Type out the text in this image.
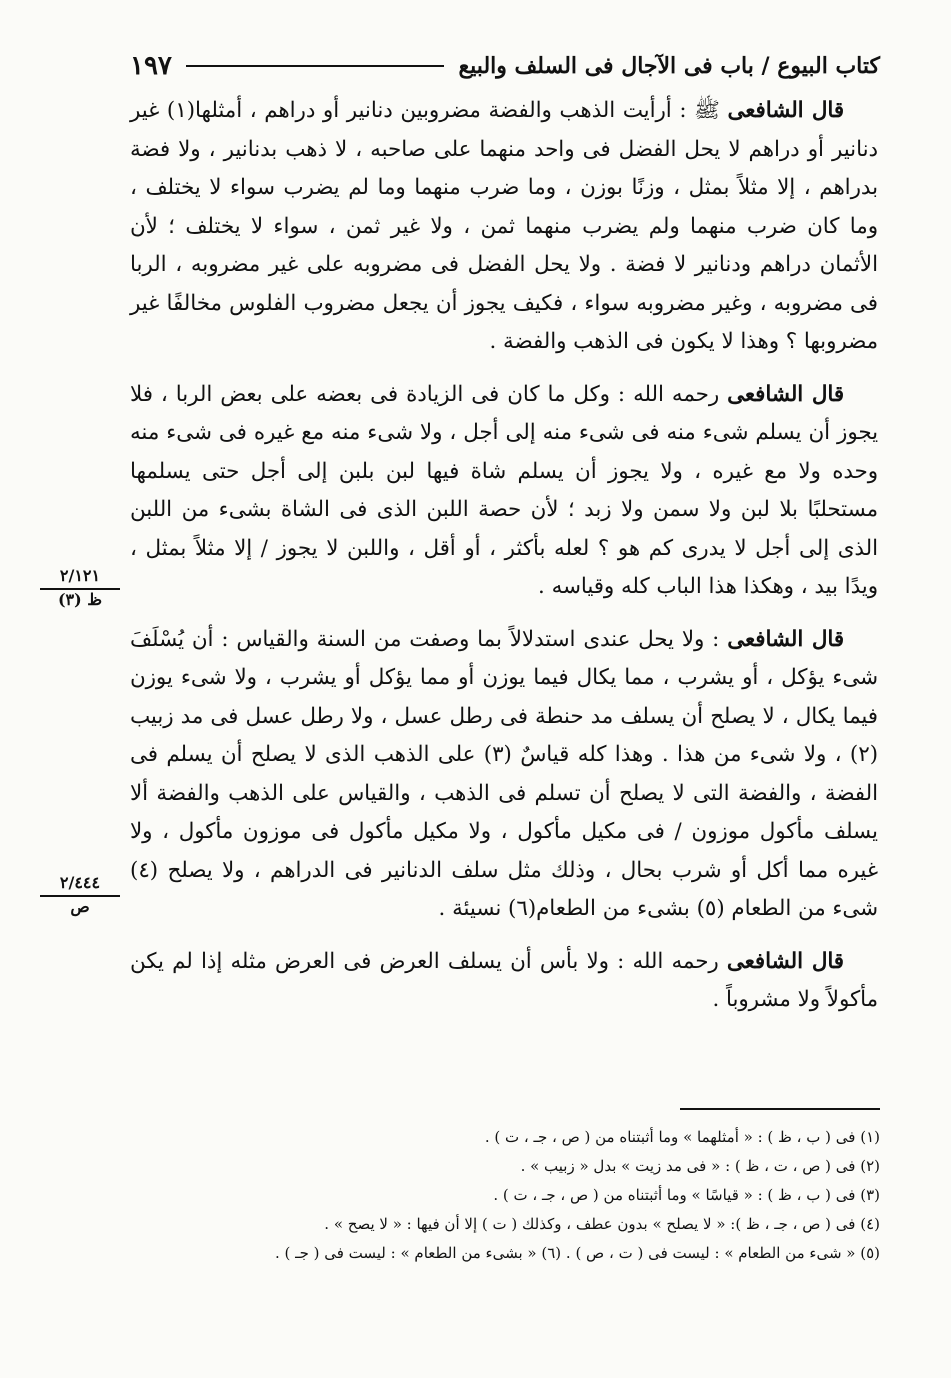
كتاب البيوع / باب فى الآجال فى السلف والبيع
١٩٧

قال الشافعى ﷺ : أرأيت الذهب والفضة مضروبين دنانير أو دراهم ، أمثلها(١) غير دنانير أو دراهم لا يحل الفضل فى واحد منهما على صاحبه ، لا ذهب بدنانير ، ولا فضة بدراهم ، إلا مثلاً بمثل ، وزنًا بوزن ، وما ضرب منهما وما لم يضرب سواء لا يختلف ، وما كان ضرب منهما ولم يضرب منهما ثمن ، ولا غير ثمن ، سواء لا يختلف ؛ لأن الأثمان دراهم ودنانير لا فضة . ولا يحل الفضل فى مضروبه على غير مضروبه ، الربا فى مضروبه ، وغير مضروبه سواء ، فكيف يجوز أن يجعل مضروب الفلوس مخالفًا غير مضروبها ؟ وهذا لا يكون فى الذهب والفضة .

قال الشافعى رحمه الله : وكل ما كان فى الزيادة فى بعضه على بعض الربا ، فلا يجوز أن يسلم شىء منه فى شىء منه إلى أجل ، ولا شىء منه مع غيره فى شىء منه وحده ولا مع غيره ، ولا يجوز أن يسلم شاة فيها لبن بلبن إلى أجل حتى يسلمها مستحلبًا بلا لبن ولا سمن ولا زبد ؛ لأن حصة اللبن الذى فى الشاة بشىء من اللبن الذى إلى أجل لا يدرى كم هو ؟ لعله بأكثر ، أو أقل ، واللبن لا يجوز / إلا مثلاً بمثل ، ويدًا بيد ، وهكذا هذا الباب كله وقياسه .

قال الشافعى : ولا يحل عندى استدلالاً بما وصفت من السنة والقياس : أن يُسْلَفَ شىء يؤكل ، أو يشرب ، مما يكال فيما يوزن أو مما يؤكل أو يشرب ، ولا شىء يوزن فيما يكال ، لا يصلح أن يسلف مد حنطة فى رطل عسل ، ولا رطل عسل فى مد زبيب (٢) ، ولا شىء من هذا . وهذا كله قياسٌ (٣) على الذهب الذى لا يصلح أن يسلم فى الفضة ، والفضة التى لا يصلح أن تسلم فى الذهب ، والقياس على الذهب والفضة ألا يسلف مأكول موزون / فى مكيل مأكول ، ولا مكيل مأكول فى موزون مأكول ، ولا غيره مما أكل أو شرب بحال ، وذلك مثل سلف الدنانير فى الدراهم ، ولا يصلح (٤) شىء من الطعام (٥) بشىء من الطعام(٦) نسيئة .

قال الشافعى رحمه الله : ولا بأس أن يسلف العرض فى العرض مثله إذا لم يكن مأكولاً ولا مشروباً .

٢/١٢١
ظ (٣)
٢/٤٤٤
ص
(١) فى ( ب ، ظ ) : « أمثلهما » وما أثبتناه من ( ص ، جـ ، ت ) .
(٢) فى ( ص ، ت ، ظ ) : « فى مد زيت » بدل « زبيب » .
(٣) فى ( ب ، ظ ) : « قياسًا » وما أثبتناه من ( ص ، جـ ، ت ) .
(٤) فى ( ص ، جـ ، ظ ): « لا يصلح » بدون عطف ، وكذلك ( ت ) إلا أن فيها : « لا يصح » .
(٥) « شىء من الطعام » : ليست فى ( ت ، ص ) . (٦) « بشىء من الطعام » : ليست فى ( جـ ) .
